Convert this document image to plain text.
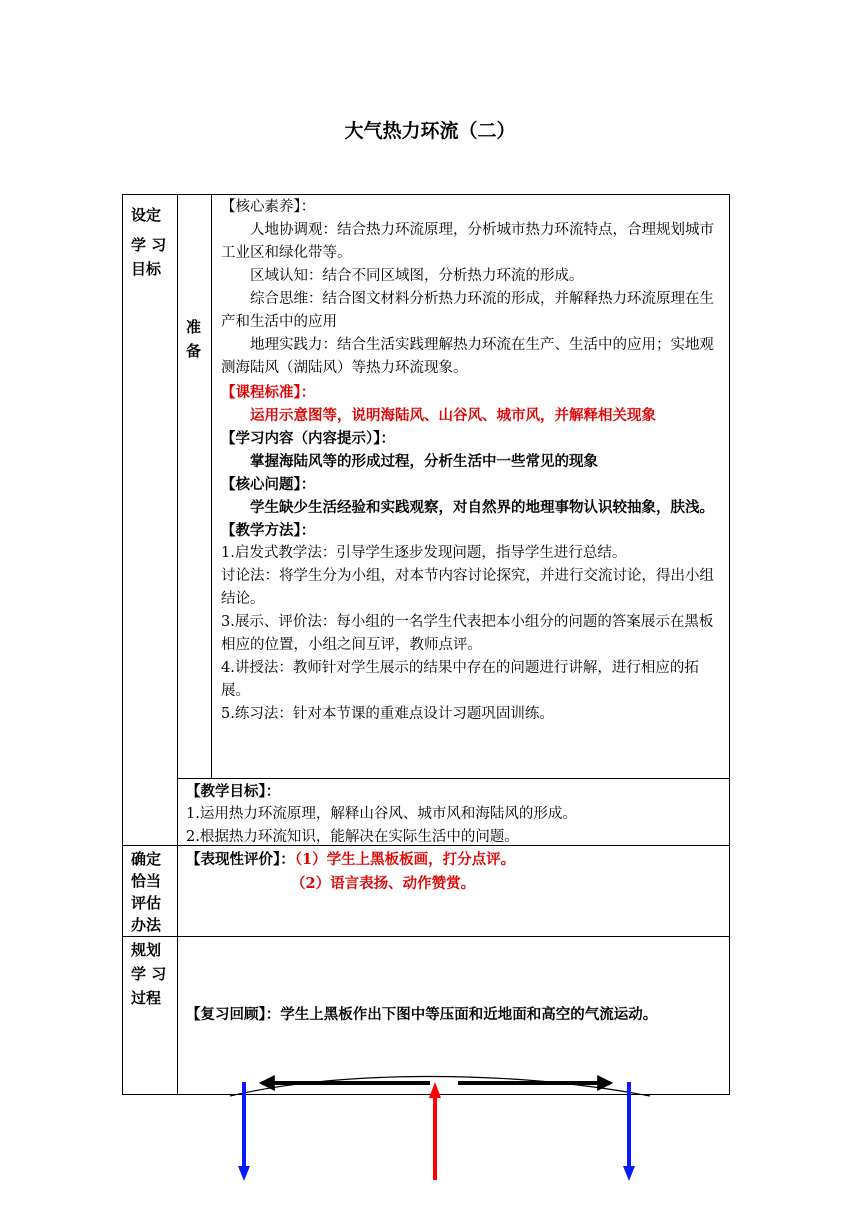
大气热力环流（二）
设定
学 习
目标
准
备

【核心素养】：

人地协调观：结合热力环流原理，分析城市热力环流特点，合理规划城市工业区和绿化带等。

区域认知：结合不同区域图，分析热力环流的形成。

综合思维：结合图文材料分析热力环流的形成，并解释热力环流原理在生产和生活中的应用

地理实践力：结合生活实践理解热力环流在生产、生活中的应用；实地观测海陆风（湖陆风）等热力环流现象。

【课程标准】：

运用示意图等，说明海陆风、山谷风、城市风，并解释相关现象

【学习内容（内容提示）】：

掌握海陆风等的形成过程，分析生活中一些常见的现象

【核心问题】：

学生缺少生活经验和实践观察，对自然界的地理事物认识较抽象，肤浅。

【教学方法】：

1.启发式教学法：引导学生逐步发现问题，指导学生进行总结。

讨论法：将学生分为小组，对本节内容讨论探究，并进行交流讨论，得出小组结论。

3.展示、评价法：每小组的一名学生代表把本小组分的问题的答案展示在黑板相应的位置，小组之间互评，教师点评。

4.讲授法：教师针对学生展示的结果中存在的问题进行讲解，进行相应的拓展。

5.练习法：针对本节课的重难点设计习题巩固训练。

【教学目标】：

1.运用热力环流原理，解释山谷风、城市风和海陆风的形成。

2.根据热力环流知识，能解决在实际生活中的问题。

确定
恰当
评估
办法

【表现性评价】：（1）学生上黑板板画，打分点评。

（2）语言表扬、动作赞赏。

规划
学 习
过程

【复习回顾】：学生上黑板作出下图中等压面和近地面和高空的气流运动。
